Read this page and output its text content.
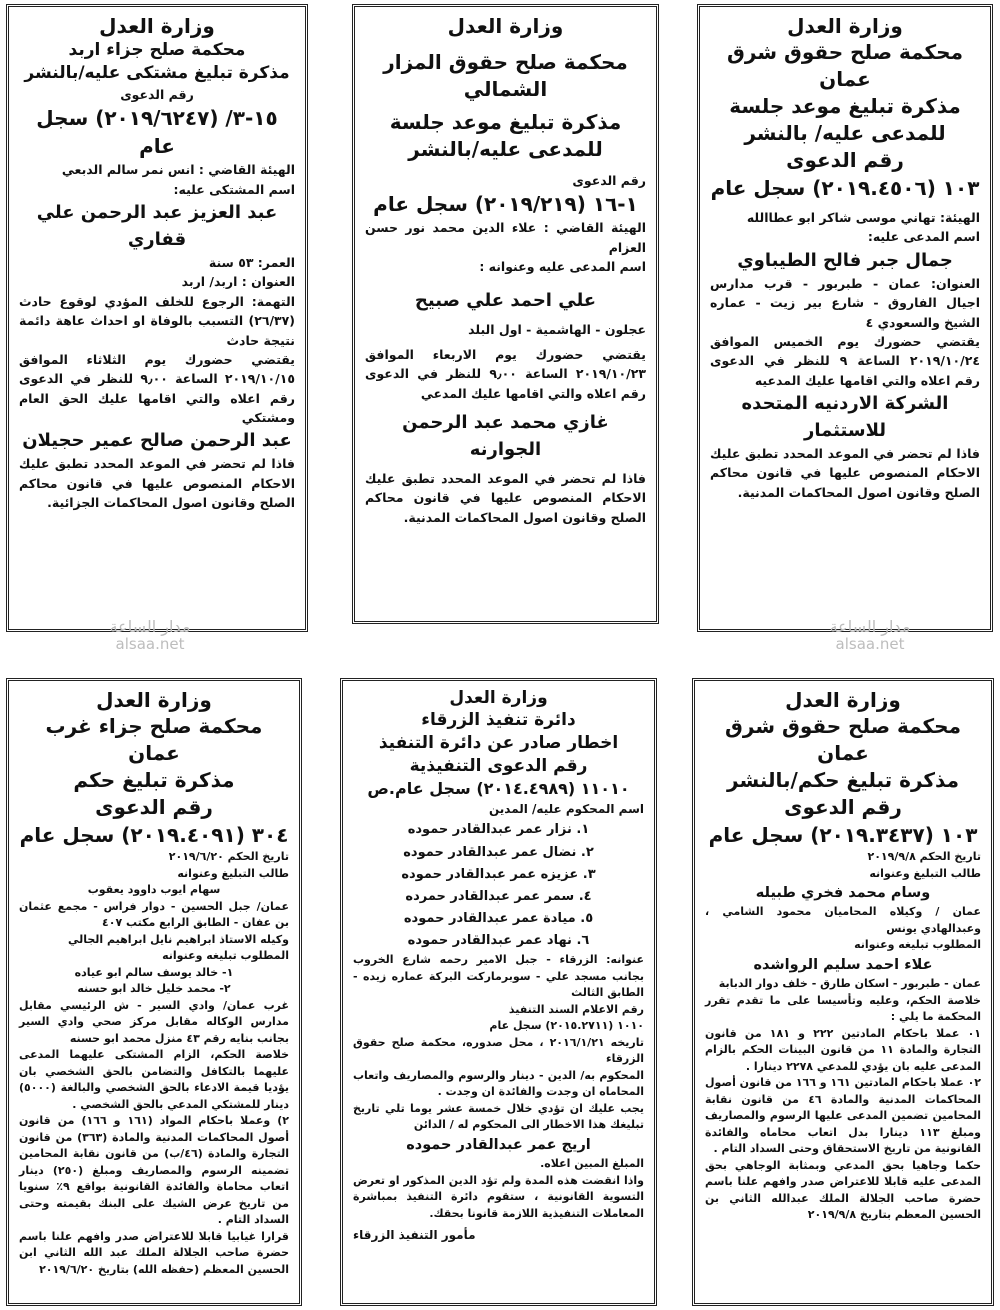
وزارة العدل
محكمة صلح حقوق شرق عمان
مذكرة تبليغ موعد جلسة للمدعى عليه/ بالنشر
رقم الدعوى
١٠٣ (٢٠١٩.٤٥٠٦) سجل عام
الهيئة: تهاني موسى شاكر ابو عطاالله
اسم المدعى عليه:
جمال جبر فالح الطيباوي
العنوان: عمان - طبربور - قرب مدارس اجيال الفاروق - شارع بير زيت - عماره الشيخ والسعودي ٤
يقتضي حضورك يوم الخميس الموافق ٢٠١٩/١٠/٢٤ الساعة ٩ للنظر في الدعوى رقم اعلاه والتي اقامها عليك المدعيه
الشركة الاردنيه المتحده للاستثمار
فاذا لم تحضر في الموعد المحدد تطبق عليك الاحكام المنصوص عليها في قانون محاكم الصلح وقانون اصول المحاكمات المدنية.
وزارة العدل
محكمة صلح حقوق المزار الشمالي
مذكرة تبليغ موعد جلسة للمدعى عليه/بالنشر
رقم الدعوى
١-١٦ (٢٠١٩/٢١٩) سجل عام
الهيئة القاضي : علاء الدين محمد نور حسن العزام
اسم المدعى عليه وعنوانه :
علي احمد علي صبيح
عجلون - الهاشمية - اول البلد
يقتضي حضورك يوم الاربعاء الموافق ٢٠١٩/١٠/٢٣ الساعة ٩٫٠٠ للنظر في الدعوى رقم اعلاه والتي اقامها عليك المدعي
غازي محمد عبد الرحمن الجوارنه
فاذا لم تحضر في الموعد المحدد تطبق عليك الاحكام المنصوص عليها في قانون محاكم الصلح وقانون اصول المحاكمات المدنية.
وزارة العدل
محكمة صلح جزاء اربد
مذكرة تبليغ مشتكى عليه/بالنشر
رقم الدعوى
١٥-٣/ (٢٠١٩/٦٢٤٧) سجل عام
الهيئة القاضي : انس نمر سالم الدبعي
اسم المشتكى عليه:
عبد العزيز عبد الرحمن علي قفاري
العمر: ٥٣ سنة
العنوان : اربد/ اربد
التهمة: الرجوع للخلف المؤدي لوقوع حادث (٢٦/٣٧) التسبب بالوفاة او احداث عاهة دائمة نتيجة حادث
يقتضي حضورك يوم الثلاثاء الموافق ٢٠١٩/١٠/١٥ الساعة ٩٫٠٠ للنظر في الدعوى رقم اعلاه والتي اقامها عليك الحق العام ومشتكي
عبد الرحمن صالح عمير حجيلان
فاذا لم تحضر في الموعد المحدد تطبق عليك الاحكام المنصوص عليها في قانون محاكم الصلح وقانون اصول المحاكمات الجزائية.
مدار الساعة
alsaa.net
مدار الساعة
alsaa.net
وزارة العدل
محكمة صلح حقوق شرق عمان
مذكرة تبليغ حكم/بالنشر
رقم الدعوى
١٠٣ (٢٠١٩.٣٤٣٧) سجل عام
تاريخ الحكم ٢٠١٩/٩/٨
طالب التبليغ وعنوانه
وسام محمد فخري طبيله
عمان / وكيلاه المحاميان محمود الشامي ، وعبدالهادي يونس
المطلوب تبليغه وعنوانه
علاء احمد سليم الرواشده
عمان - طبربور - اسكان طارق - خلف دوار الدبابة
خلاصة الحكم، وعليه وتأسيسا على ما تقدم تقرر المحكمة ما يلي :
٠١ عملا باحكام المادتين ٢٢٢ و ١٨١ من قانون التجارة والمادة ١١ من قانون البينات الحكم بالزام المدعى عليه بان يؤدي للمدعي ٢٢٧٨ دينارا .
٠٢ عملا باحكام المادتين ١٦١ و ١٦٦ من قانون أصول المحاكمات المدنية والمادة ٤٦ من قانون نقابة المحامين تضمين المدعى عليها الرسوم والمصاريف ومبلغ ١١٣ دينارا بدل اتعاب محاماه والفائدة القانونية من تاريخ الاستحقاق وحتى السداد التام .
حكما وجاهيا بحق المدعي وبمثابة الوجاهي بحق المدعى عليه قابلا للاعتراض صدر وافهم علنا باسم حضرة صاحب الجلالة الملك عبدالله الثاني بن الحسين المعظم بتاريخ ٢٠١٩/٩/٨
وزارة العدل
دائرة تنفيذ الزرقاء
اخطار صادر عن دائرة التنفيذ
رقم الدعوى التنفيذية
١١٠١٠ (٢٠١٤.٤٩٨٩) سجل عام.ص
اسم المحكوم عليه/ المدين
١. نزار عمر عبدالقادر حموده
٢. نضال عمر عبدالقادر حموده
٣. عزيزه عمر عبدالقادر حموده
٤. سمر عمر عبدالقادر حمرده
٥. ميادة عمر عبدالقادر حموده
٦. نهاد عمر عبدالقادر حموده
عنوانه: الزرقاء - جبل الامير رحمه شارع الخروب بجانب مسجد علي - سوبرماركت البركة عماره زيده - الطابق الثالث
رقم الاعلام السند التنفيذ
١٠١٠ (٢٠١٥.٢٧١١) سجل عام
تاريخه ٢٠١٦/١/٢١ ، محل صدوره، محكمة صلح حقوق الزرقاء
المحكوم به/ الدين - دينار والرسوم والمصاريف واتعاب المحاماه ان وجدت والفائدة ان وجدت .
يجب عليك ان تؤدي خلال خمسة عشر يوما تلي تاريخ تبليغك هذا الاخطار الى المحكوم له / الدائن
اريج عمر عبدالقادر حموده
المبلغ المبين اعلاه.
واذا انقضت هذه المدة ولم تؤد الدين المذكور او تعرض التسوية القانونية ، ستقوم دائرة التنفيذ بمباشرة المعاملات التنفيذية اللازمة قانونا بحقك.
مأمور التنفيذ الزرقاء
وزارة العدل
محكمة صلح جزاء غرب عمان
مذكرة تبليغ حكم
رقم الدعوى
٣٠٤ (٢٠١٩.٤٠٩١) سجل عام
تاريخ الحكم ٢٠١٩/٦/٢٠
طالب التبليغ وعنوانه
سهام ايوب داوود يعقوب
عمان/ جبل الحسين - دوار فراس - مجمع عثمان بن عفان - الطابق الرابع مكتب ٤٠٧
وكيله الاستاذ ابراهيم نايل ابراهيم الجالي
المطلوب تبليغه وعنوانه
١- خالد يوسف سالم ابو عياده
٢- محمد خليل خالد ابو حسنه
غرب عمان/ وادي السير - ش الرئيسي مقابل مدارس الوكاله مقابل مركز صحي وادي السير بجانب بنايه رقم ٤٣ منزل محمد ابو حسنه
خلاصة الحكم، الزام المشتكى عليهما المدعى عليهما بالتكافل والتضامن بالحق الشخصي بان يؤديا قيمة الادعاء بالحق الشخصي والبالغة (٥٠٠٠) دينار للمشتكي المدعي بالحق الشخصي .
٢) وعملا باحكام المواد (١٦١ و ١٦٦) من قانون أصول المحاكمات المدنية والمادة (٣٦٣) من قانون التجارة والمادة (٤٦/ب) من قانون نقابة المحامين تضمينه الرسوم والمصاريف ومبلغ (٢٥٠) دينار اتعاب محاماة والفائدة القانونية بواقع ٩٪ سنويا من تاريخ عرض الشيك على البنك بقيمته وحتى السداد التام .
قرارا غيابيا قابلا للاعتراض صدر وافهم علنا باسم حضرة صاحب الجلالة الملك عبد الله الثاني ابن الحسين المعظم (حفظه الله) بتاريخ ٢٠١٩/٦/٢٠
